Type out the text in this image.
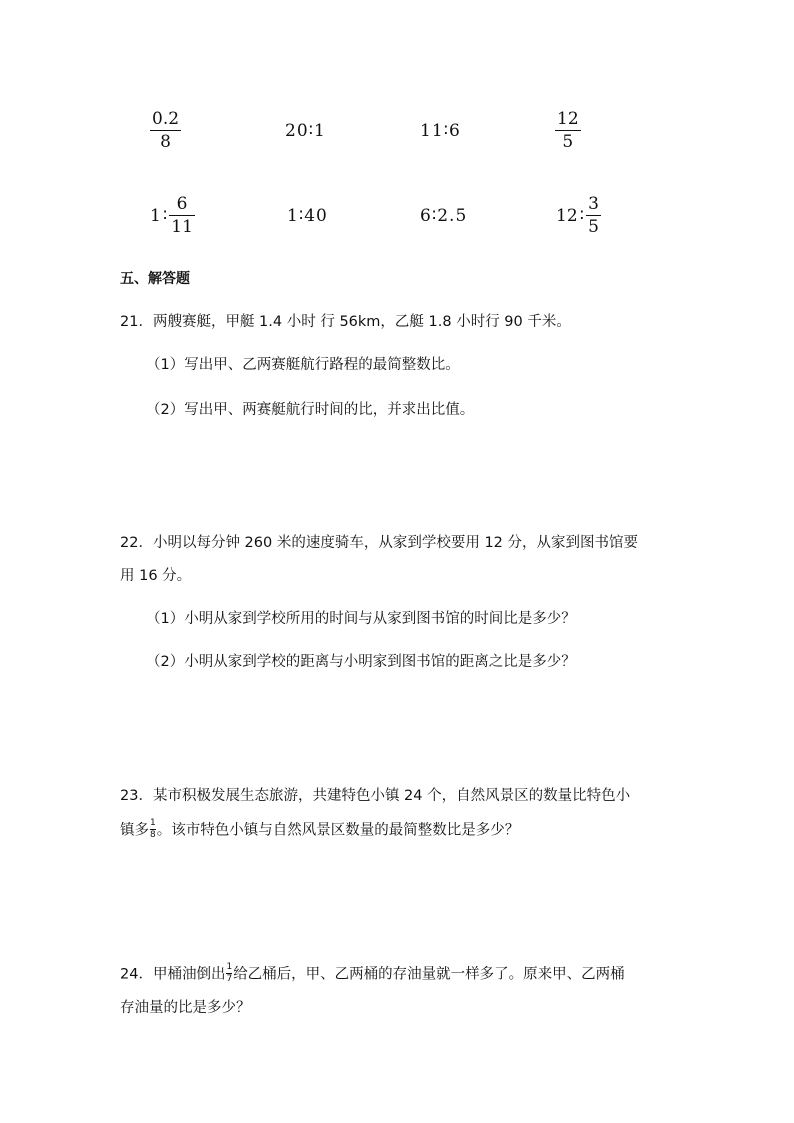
$\frac{0.2}{8}$	20∶1	11∶6	$\frac{12}{5}$
1 ∶ $\frac{6}{11}$	1∶40	6∶2.5	12 ∶ $\frac{3}{5}$
五、解答题
21．两艘赛艇，甲艇 1.4 小时 行 56km，乙艇 1.8 小时行 90 千米。
（1）写出甲、乙两赛艇航行路程的最简整数比。
（2）写出甲、两赛艇航行时间的比，并求出比值。
22．小明以每分钟 260 米的速度骑车，从家到学校要用 12 分，从家到图书馆要
用 16 分。
（1）小明从家到学校所用的时间与从家到图书馆的时间比是多少？
（2）小明从家到学校的距离与小明家到图书馆的距离之比是多少？
23．某市积极发展生态旅游，共建特色小镇 24 个，自然风景区的数量比特色小
镇多 $\frac{1}{8}$ 。该市特色小镇与自然风景区数量的最简整数比是多少？
24．甲桶油倒出 $\frac{1}{7}$ 给乙桶后，甲、乙两桶的存油量就一样多了。原来甲、乙两桶
存油量的比是多少？
